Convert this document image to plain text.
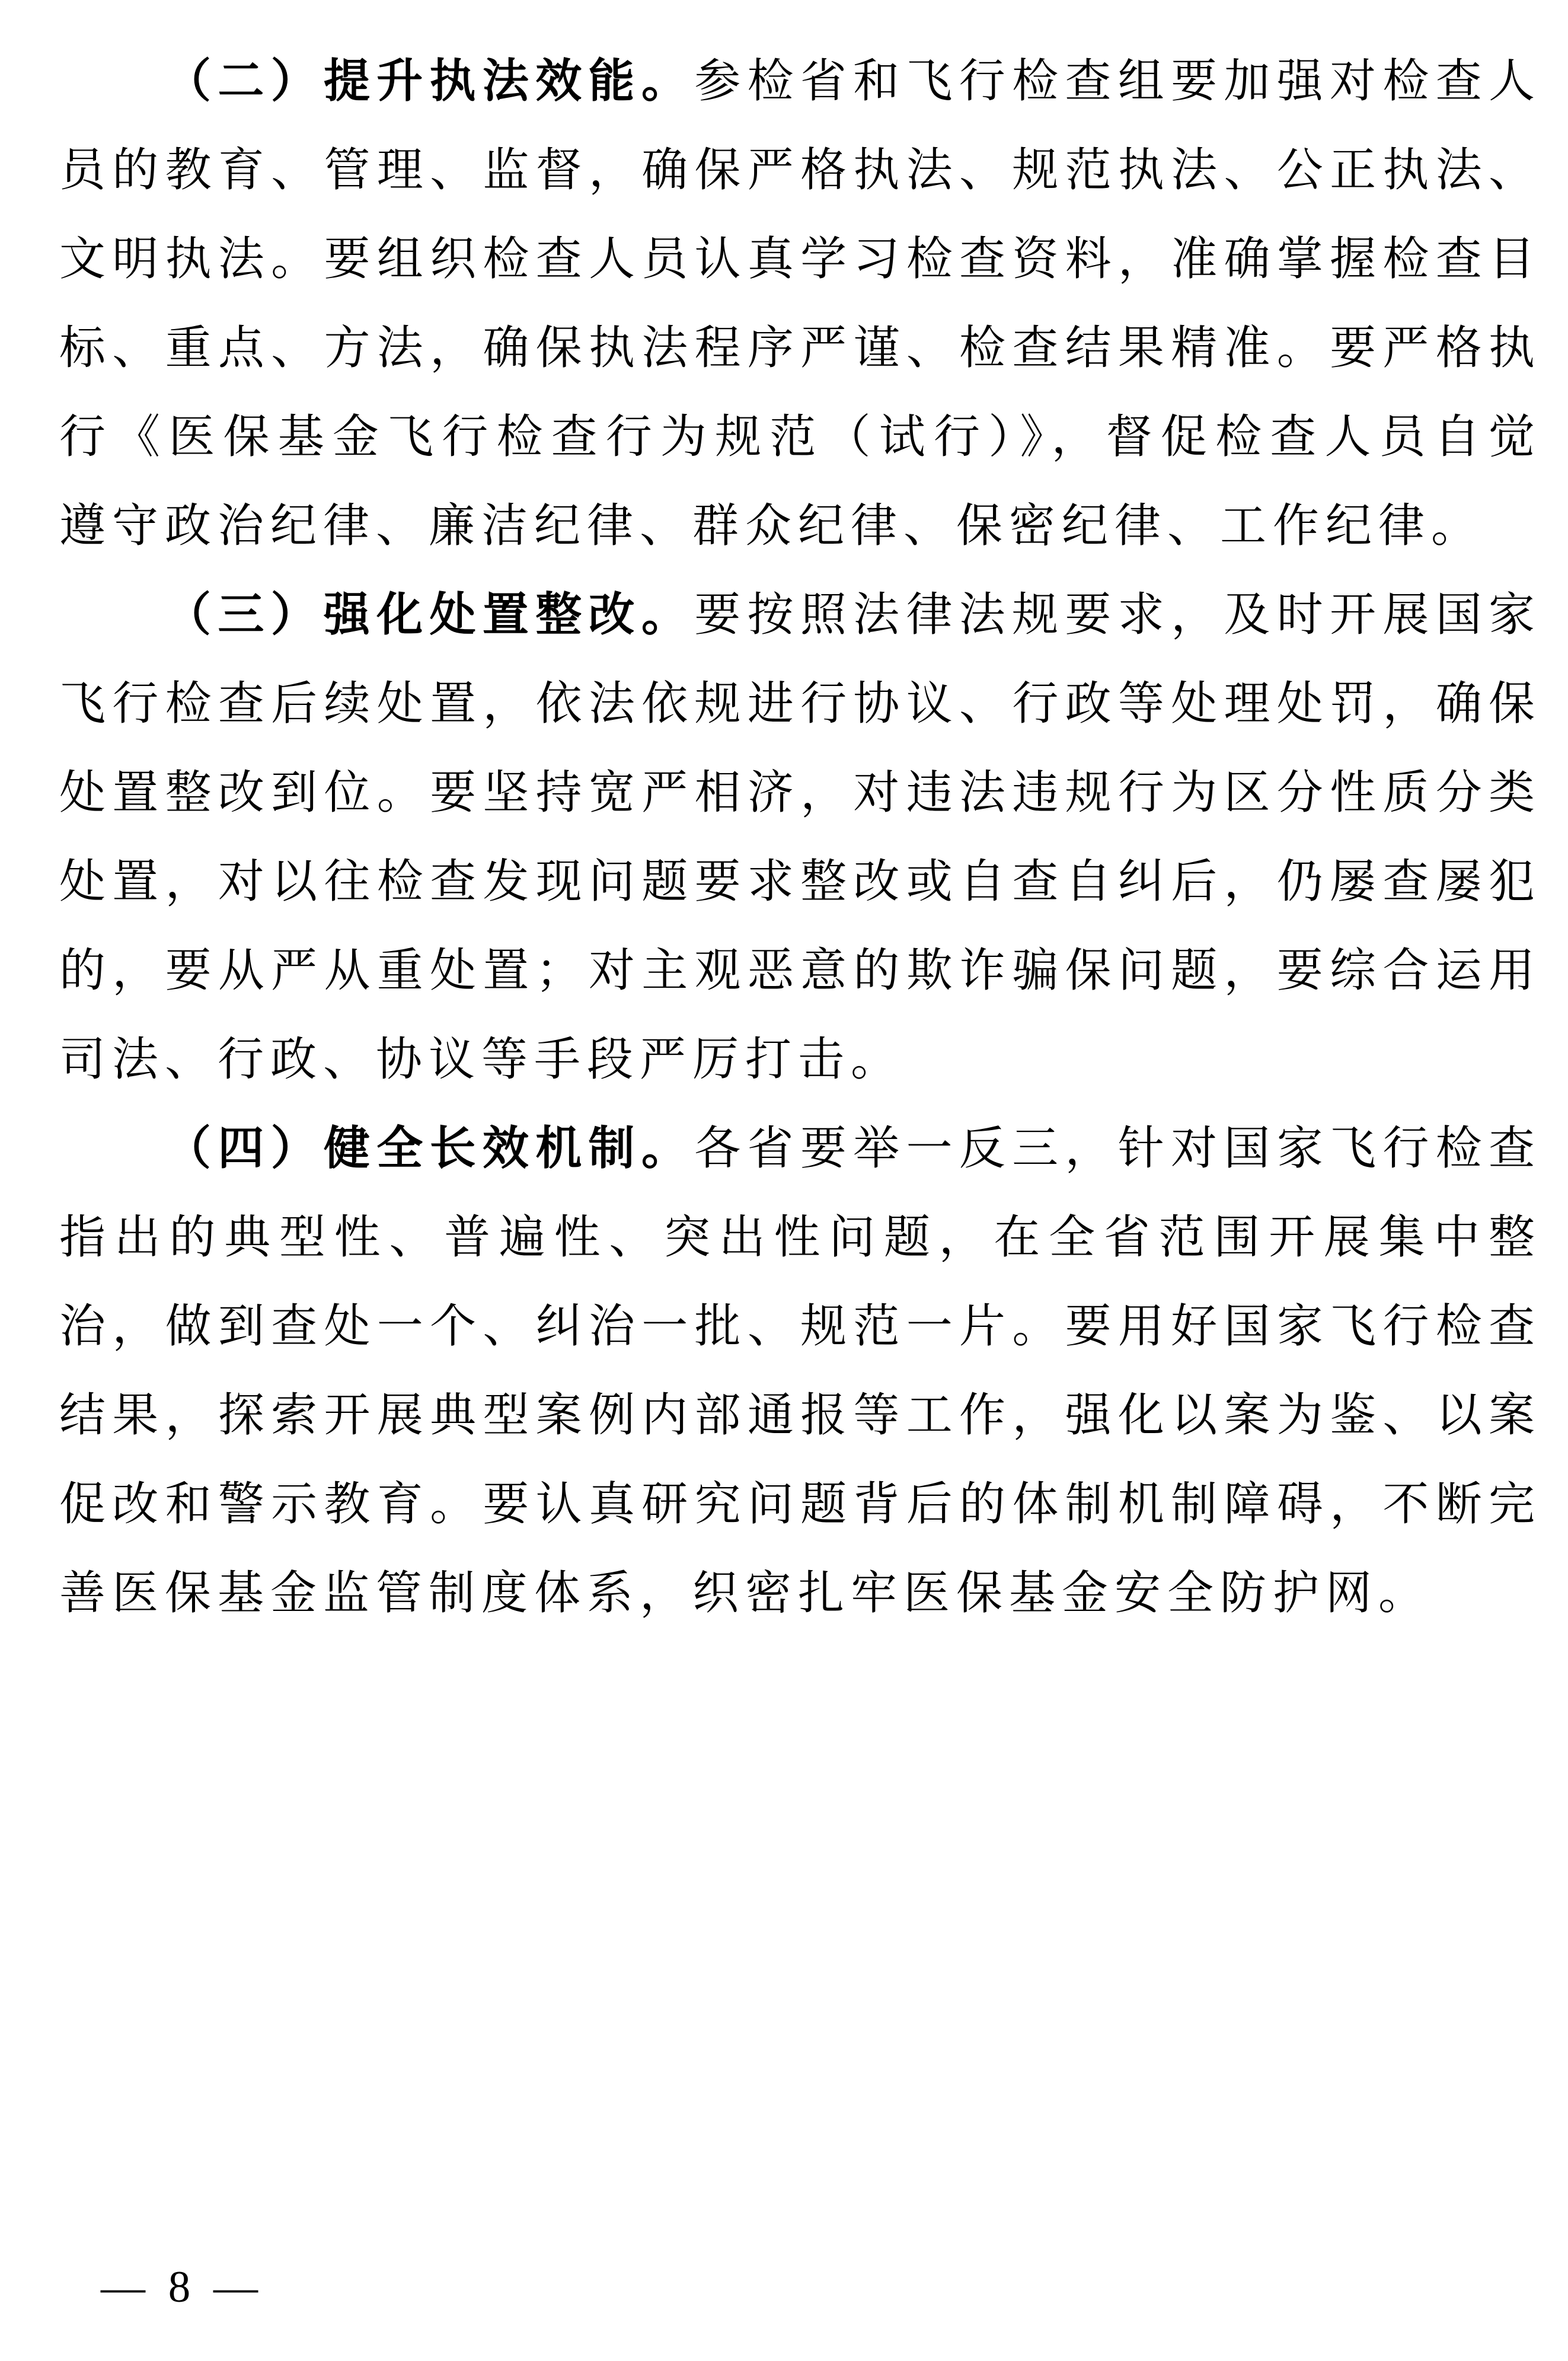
（二）提升执法效能。参检省和飞行检查组要加强对检查人员的教育、管理、监督，确保严格执法、规范执法、公正执法、文明执法。要组织检查人员认真学习检查资料，准确掌握检查目标、重点、方法，确保执法程序严谨、检查结果精准。要严格执行《医保基金飞行检查行为规范（试行）》，督促检查人员自觉遵守政治纪律、廉洁纪律、群众纪律、保密纪律、工作纪律。

（三）强化处置整改。要按照法律法规要求，及时开展国家飞行检查后续处置，依法依规进行协议、行政等处理处罚，确保处置整改到位。要坚持宽严相济，对违法违规行为区分性质分类处置，对以往检查发现问题要求整改或自查自纠后，仍屡查屡犯的，要从严从重处置；对主观恶意的欺诈骗保问题，要综合运用司法、行政、协议等手段严厉打击。

（四）健全长效机制。各省要举一反三，针对国家飞行检查指出的典型性、普遍性、突出性问题，在全省范围开展集中整治，做到查处一个、纠治一批、规范一片。要用好国家飞行检查结果，探索开展典型案例内部通报等工作，强化以案为鉴、以案促改和警示教育。要认真研究问题背后的体制机制障碍，不断完善医保基金监管制度体系，织密扎牢医保基金安全防护网。

— 8 —
